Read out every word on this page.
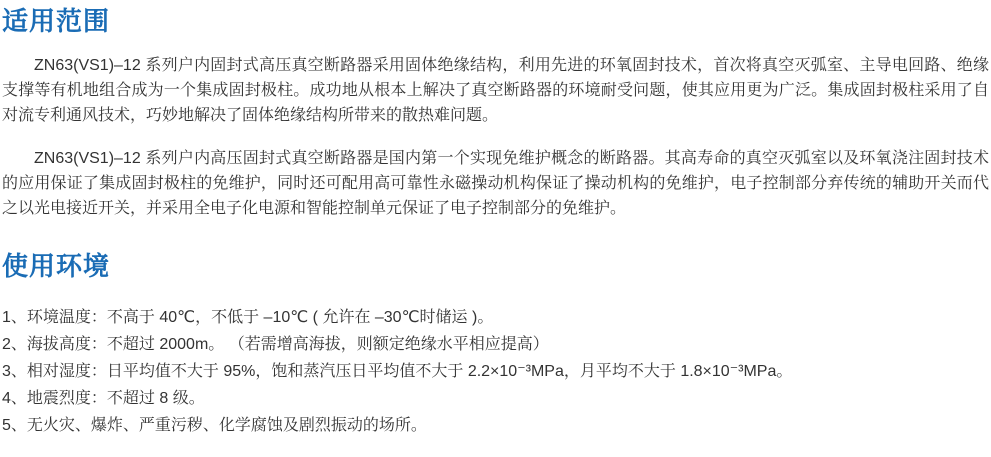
适用范围

ZN63(VS1)–12 系列户内固封式高压真空断路器采用固体绝缘结构，利用先进的环氧固封技术，首次将真空灭弧室、主导电回路、绝缘支撑等有机地组合成为一个集成固封极柱。成功地从根本上解决了真空断路器的环境耐受问题，使其应用更为广泛。集成固封极柱采用了自对流专利通风技术，巧妙地解决了固体绝缘结构所带来的散热难问题。

ZN63(VS1)–12 系列户内高压固封式真空断路器是国内第一个实现免维护概念的断路器。其高寿命的真空灭弧室以及环氧浇注固封技术的应用保证了集成固封极柱的免维护，同时还可配用高可靠性永磁操动机构保证了操动机构的免维护，电子控制部分弃传统的辅助开关而代之以光电接近开关，并采用全电子化电源和智能控制单元保证了电子控制部分的免维护。

使用环境
1、环境温度：不高于 40℃，不低于 –10℃ ( 允许在 –30℃时储运 )。
2、海拔高度：不超过 2000m。 （若需增高海拔，则额定绝缘水平相应提高）
3、相对湿度：日平均值不大于 95%，饱和蒸汽压日平均值不大于 2.2×10⁻³MPa，月平均不大于 1.8×10⁻³MPa。
4、地震烈度：不超过 8 级。
5、无火灾、爆炸、严重污秽、化学腐蚀及剧烈振动的场所。
